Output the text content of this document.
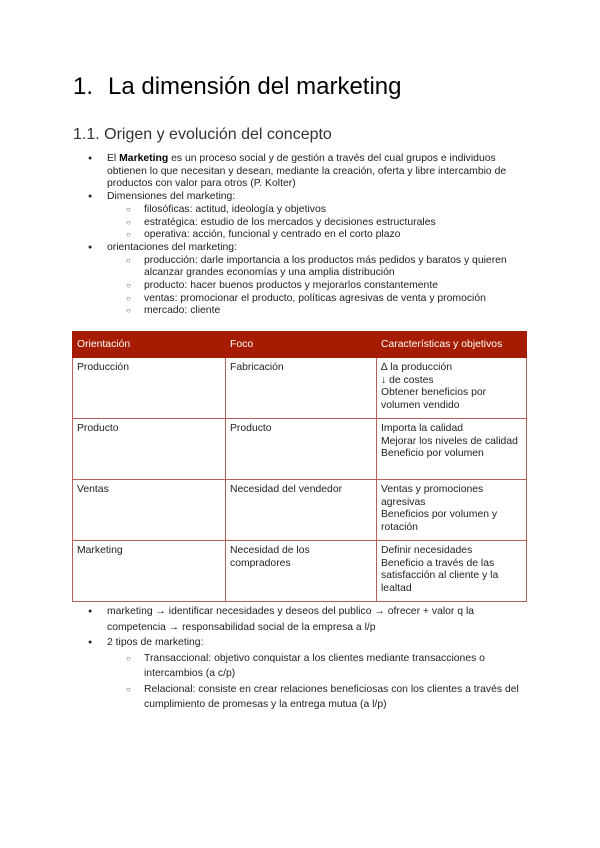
1. La dimensión del marketing
1.1. Origen y evolución del concepto
● El Marketing es un proceso social y de gestión a través del cual grupos e individuos obtienen lo que necesitan y desean, mediante la creación, oferta y libre intercambio de productos con valor para otros (P. Kolter)
● Dimensiones del marketing:
○ filosóficas: actitud, ideología y objetivos
○ estratégica: estudio de los mercados y decisiones estructurales
○ operativa: acción, funcional y centrado en el corto plazo
● orientaciones del marketing:
○ producción: darle importancia a los productos más pedidos y baratos y quieren alcanzar grandes economías y una amplia distribución
○ producto: hacer buenos productos y mejorarlos constantemente
○ ventas: promocionar el producto, políticas agresivas de venta y promoción
○ mercado: cliente
Orientación	Foco	Características y objetivos
Producción	Fabricación	∆ la producción
↓ de costes
Obtener beneficios por volumen vendido

Producto	Producto	Importa la calidad
Mejorar los niveles de calidad
Beneficio por volumen

Ventas	Necesidad del vendedor	Ventas y promociones agresivas
Beneficios por volumen y rotación

Marketing	Necesidad de los compradores	Definir necesidades
Beneficio a través de las satisfacción al cliente y la lealtad
● marketing → identificar necesidades y deseos del publico → ofrecer + valor q la competencia → responsabilidad social de la empresa a l/p
● 2 tipos de marketing:
○ Transaccional: objetivo conquistar a los clientes mediante transacciones o intercambios (a c/p)
○ Relacional: consiste en crear relaciones beneficiosas con los clientes a través del cumplimiento de promesas y la entrega mutua (a l/p)
